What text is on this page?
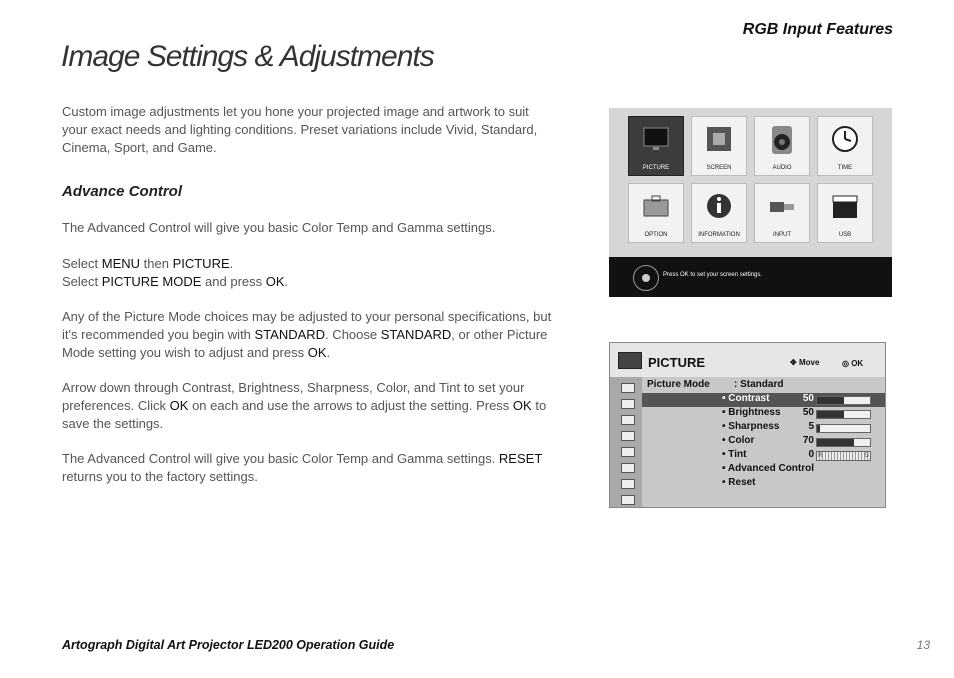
RGB Input Features
Image Settings & Adjustments
Custom image adjustments let you hone your projected image and artwork to suit your exact needs and lighting conditions. Preset variations include Vivid, Standard, Cinema, Sport, and Game.
Advance Control
The Advanced Control will give you basic Color Temp and Gamma settings.
Select MENU then PICTURE.
Select PICTURE MODE and press OK.
Any of the Picture Mode choices may be adjusted to your personal specifications, but it's recommended you begin with STANDARD. Choose STANDARD, or other Picture Mode setting you wish to adjust and press OK.
Arrow down through Contrast, Brightness, Sharpness, Color, and Tint to set your preferences. Click OK on each and use the arrows to adjust the setting. Press OK to save the settings.
The Advanced Control will give you basic Color Temp and Gamma settings. RESET returns you to the factory settings.
PICTURE	SCREEN	AUDIO	TIME
OPTION	INFORMATION	INPUT	USB
Press OK to set your screen settings.
PICTURE	✥ Move	◎ OK
Picture Mode : Standard
• Contrast	50
• Brightness	50
• Sharpness	5
• Color	70
• Tint	0 R	G
• Advanced Control
• Reset
Artograph Digital Art Projector LED200 Operation Guide	13
